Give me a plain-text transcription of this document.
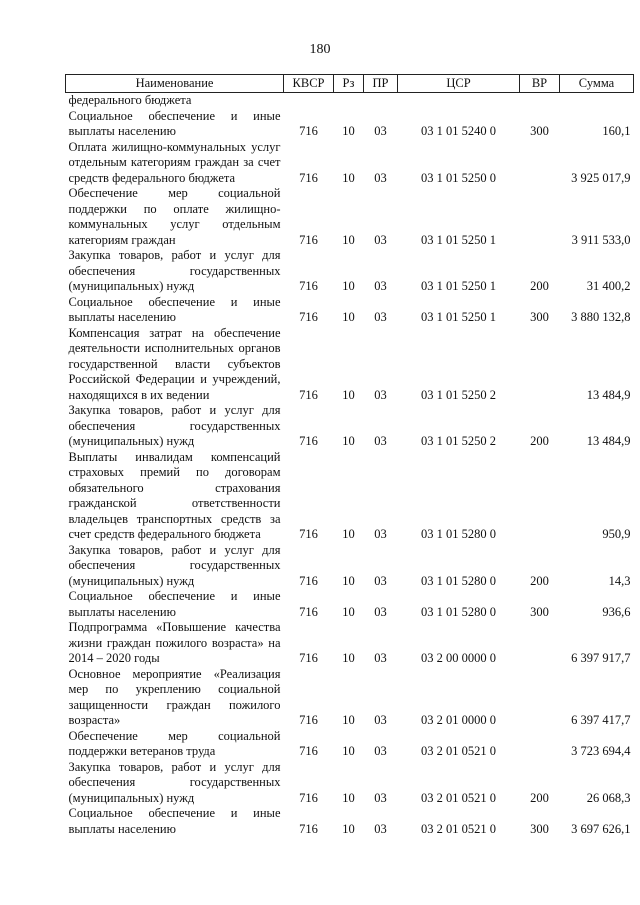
180
Наименование	КВСР	Рз	ПР	ЦСР	ВР	Сумма
федерального бюджета						
Социальное обеспечение и иные выплаты населению	716	10	03	03 1 01 5240 0	300	160,1
Оплата жилищно-коммунальных услуг отдельным категориям граждан за счет средств федерального бюджета	716	10	03	03 1 01 5250 0		3 925 017,9
Обеспечение мер социальной поддержки по оплате жилищно-коммунальных услуг отдельным категориям граждан	716	10	03	03 1 01 5250 1		3 911 533,0
Закупка товаров, работ и услуг для обеспечения государственных (муниципальных) нужд	716	10	03	03 1 01 5250 1	200	31 400,2
Социальное обеспечение и иные выплаты населению	716	10	03	03 1 01 5250 1	300	3 880 132,8
Компенсация затрат на обеспечение деятельности исполнительных органов государственной власти субъектов Российской Федерации и учреждений, находящихся в их ведении	716	10	03	03 1 01 5250 2		13 484,9
Закупка товаров, работ и услуг для обеспечения государственных (муниципальных) нужд	716	10	03	03 1 01 5250 2	200	13 484,9
Выплаты инвалидам компенсаций страховых премий по договорам обязательного страхования гражданской ответственности владельцев транспортных средств за счет средств федерального бюджета	716	10	03	03 1 01 5280 0		950,9
Закупка товаров, работ и услуг для обеспечения государственных (муниципальных) нужд	716	10	03	03 1 01 5280 0	200	14,3
Социальное обеспечение и иные выплаты населению	716	10	03	03 1 01 5280 0	300	936,6
Подпрограмма «Повышение качества жизни граждан пожилого возраста» на 2014 – 2020 годы	716	10	03	03 2 00 0000 0		6 397 917,7
Основное мероприятие «Реализация мер по укреплению социальной защищенности граждан пожилого возраста»	716	10	03	03 2 01 0000 0		6 397 417,7
Обеспечение мер социальной поддержки ветеранов труда	716	10	03	03 2 01 0521 0		3 723 694,4
Закупка товаров, работ и услуг для обеспечения государственных (муниципальных) нужд	716	10	03	03 2 01 0521 0	200	26 068,3
Социальное обеспечение и иные выплаты населению	716	10	03	03 2 01 0521 0	300	3 697 626,1
